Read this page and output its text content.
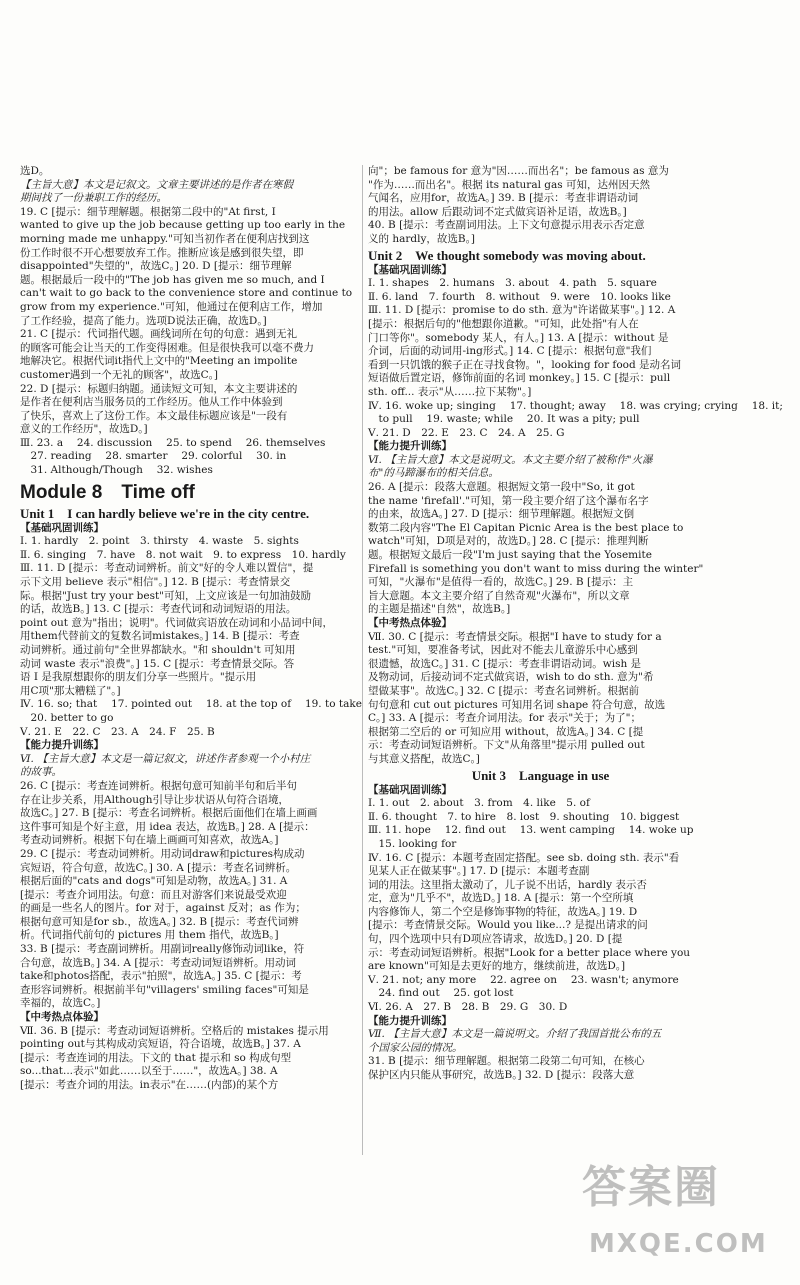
选D。
【主旨大意】本文是记叙文。文章主要讲述的是作者在寒假
期间找了一份兼职工作的经历。
19. C [提示：细节理解题。根据第二段中的"At first, I
wanted to give up the job because getting up too early in the
morning made me unhappy."可知当初作者在便利店找到这
份工作时很不开心想要放弃工作。推断应该是感到很失望，即
disappointed"失望的"，故选C。] 20. D [提示：细节理解
题。根据最后一段中的"The job has given me so much, and I
can't wait to go back to the convenience store and continue to
grow from my experience."可知，他通过在便利店工作，增加
了工作经验，提高了能力。选项D说法正确，故选D。]
21. C [提示：代词指代题。画线词所在句的句意：遇到无礼
的顾客可能会让当天的工作变得困难。但是很快我可以毫不费力
地解决它。根据代词it指代上文中的"Meeting an impolite
customer遇到一个无礼的顾客"，故选C。]
22. D [提示：标题归纳题。通读短文可知，本文主要讲述的
是作者在便利店当服务员的工作经历。他从工作中体验到
了快乐，喜欢上了这份工作。本文最佳标题应该是"一段有
意义的工作经历"，故选D。]
Ⅲ. 23. a　 24. discussion　 25. to spend　 26. themselves
　27. reading　 28. smarter　 29. colorful　 30. in
　31. Although/Though　 32. wishes
Module 8　Time off
Unit 1　I can hardly believe we're in the city centre.
【基础巩固训练】
Ⅰ. 1. hardly　2. point　3. thirsty　4. waste　5. sights
Ⅱ. 6. singing　7. have　8. not wait　9. to express　10. hardly
Ⅲ. 11. D [提示：考查动词辨析。前文"好的令人难以置信"，提
示下文用 believe 表示"相信"。] 12. B [提示：考查情景交
际。根据"Just try your best"可知，上文应该是一句加油鼓励
的话，故选B。] 13. C [提示：考查代词和动词短语的用法。
point out 意为"指出；说明"。代词做宾语放在动词和小品词中间，
用them代替前文的复数名词mistakes。] 14. B [提示：考查
动词辨析。通过前句"全世界都缺水。"和 shouldn't 可知用
动词 waste 表示"浪费"。] 15. C [提示：考查情景交际。答
语 I 是我原想跟你的朋友们分享一些照片。"提示用
用C项"那太糟糕了"。]
Ⅳ. 16. so; that　 17. pointed out　 18. at the top of　 19. to take
　20. better to go
Ⅴ. 21. E　22. C　23. A　24. F　25. B
【能力提升训练】
Ⅵ. 【主旨大意】本文是一篇记叙文，讲述作者参观一个小村庄
的故事。
26. C [提示：考查连词辨析。根据句意可知前半句和后半句
存在让步关系，用Although引导让步状语从句符合语境，
故选C。] 27. B [提示：考查名词辨析。根据后面他们在墙上画画
这件事可知是个好主意，用 idea 表达，故选B。] 28. A [提示：
考查动词辨析。根据下句在墙上画画可知喜欢，故选A。]
29. C [提示：考查动词辨析。用动词draw和pictures构成动
宾短语，符合句意，故选C。] 30. A [提示：考查名词辨析。
根据后面的"cats and dogs"可知是动物，故选A。] 31. A
[提示：考查介词用法。句意：而且对游客们来说最受欢迎
的画是一些名人的图片。for 对于，against 反对；as 作为；
根据句意可知是for sb.，故选A。] 32. B [提示：考查代词辨
析。代词指代前句的 pictures 用 them 指代，故选B。]
33. B [提示：考查副词辨析。用副词really修饰动词like，符
合句意，故选B。] 34. A [提示：考查动词短语辨析。用动词
take和photos搭配，表示"拍照"，故选A。] 35. C [提示：考
查形容词辨析。根据前半句"villagers' smiling faces"可知是
幸福的，故选C。]
【中考热点体验】
Ⅶ. 36. B [提示：考查动词短语辨析。空格后的 mistakes 提示用
pointing out与其构成动宾短语，符合语境，故选B。] 37. A
[提示：考查连词的用法。下文的 that 提示和 so 构成句型
so...that...表示"如此……以至于……"，故选A。] 38. A
[提示：考查介词的用法。in表示"在……(内部)的某个方
向"；be famous for 意为"因……而出名"；be famous as 意为
"作为……而出名"。根据 its natural gas 可知，达州因天然
气闻名，应用for，故选A。] 39. B [提示：考查非谓语动词
的用法。allow 后跟动词不定式做宾语补足语，故选B。]
40. B [提示：考查副词用法。上下文句意提示用表示否定意
义的 hardly，故选B。]
Unit 2　We thought somebody was moving about.
【基础巩固训练】
Ⅰ. 1. shapes　2. humans　3. about　4. path　5. square
Ⅱ. 6. land　7. fourth　8. without　9. were　10. looks like
Ⅲ. 11. D [提示：promise to do sth. 意为"许诺做某事"。] 12. A
[提示：根据后句的"他想跟你道歉。"可知，此处指"有人在
门口等你"。somebody 某人，有人。] 13. A [提示：without 是
介词，后面的动词用-ing形式。] 14. C [提示：根据句意"我们
看到一只饥饿的猴子正在寻找食物。"，looking for food 是动名词
短语做后置定语，修饰前面的名词 monkey。] 15. C [提示：pull
sth. off... 表示"从……拉下某物"。]
Ⅳ. 16. woke up; singing　 17. thought; away　 18. was crying; crying　 18. it;
　to pull　 19. waste; while　 20. It was a pity; pull
Ⅴ. 21. D　22. E　23. C　24. A　25. G
【能力提升训练】
Ⅵ. 【主旨大意】本文是说明文。本文主要介绍了被称作"火瀑
布"的马蹄瀑布的相关信息。
26. A [提示：段落大意题。根据短文第一段中"So, it got
the name 'firefall'."可知，第一段主要介绍了这个瀑布名字
的由来，故选A。] 27. D [提示：细节理解题。根据短文倒
数第二段内容"The El Capitan Picnic Area is the best place to
watch"可知，D项是对的，故选D。] 28. C [提示：推理判断
题。根据短文最后一段"I'm just saying that the Yosemite
Firefall is something you don't want to miss during the winter"
可知，"火瀑布"是值得一看的，故选C。] 29. B [提示：主
旨大意题。本文主要介绍了自然奇观"火瀑布"，所以文章
的主题是描述"自然"，故选B。]
【中考热点体验】
Ⅶ. 30. C [提示：考查情景交际。根据"I have to study for a
test."可知，要准备考试，因此对不能去儿童游乐中心感到
很遗憾，故选C。] 31. C [提示：考查非谓语动词。wish 是
及物动词，后接动词不定式做宾语，wish to do sth. 意为"希
望做某事"。故选C。] 32. C [提示：考查名词辨析。根据前
句句意和 cut out pictures 可知用名词 shape 符合句意，故选
C。] 33. A [提示：考查介词用法。for 表示"关于；为了"；
根据第二空后的 or 可知应用 without，故选A。] 34. C [提
示：考查动词短语辨析。下文"从角落里"提示用 pulled out
与其意义搭配，故选C。]
Unit 3　Language in use
【基础巩固训练】
Ⅰ. 1. out　2. about　3. from　4. like　5. of
Ⅱ. 6. thought　7. to hire　8. lost　9. shouting　10. biggest
Ⅲ. 11. hope　 12. find out　 13. went camping　 14. woke up
　15. looking for
Ⅳ. 16. C [提示：本题考查固定搭配。see sb. doing sth. 表示"看
见某人正在做某事"。] 17. D [提示：本题考查副
词的用法。这里指太激动了，儿子说不出话，hardly 表示否
定，意为"几乎不"，故选D。] 18. A [提示：第一个空所填
内容修饰人，第二个空是修饰事物的特征，故选A。] 19. D
[提示：考查情景交际。Would you like...? 是提出请求的问
句，四个选项中只有D项应答请求，故选D。] 20. D [提
示：考查动词短语辨析。根据"Look for a better place where you
are known"可知是去更好的地方，继续前进，故选D。]
Ⅴ. 21. not; any more　 22. agree on　 23. wasn't; anymore
　24. find out　 25. got lost
Ⅵ. 26. A　27. B　28. B　29. G　30. D
【能力提升训练】
Ⅶ. 【主旨大意】本文是一篇说明文。介绍了我国首批公布的五
个国家公园的情况。
31. B [提示：细节理解题。根据第二段第二句可知，在核心
保护区内只能从事研究，故选B。] 32. D [提示：段落大意
答案圈
MXQE.COM
